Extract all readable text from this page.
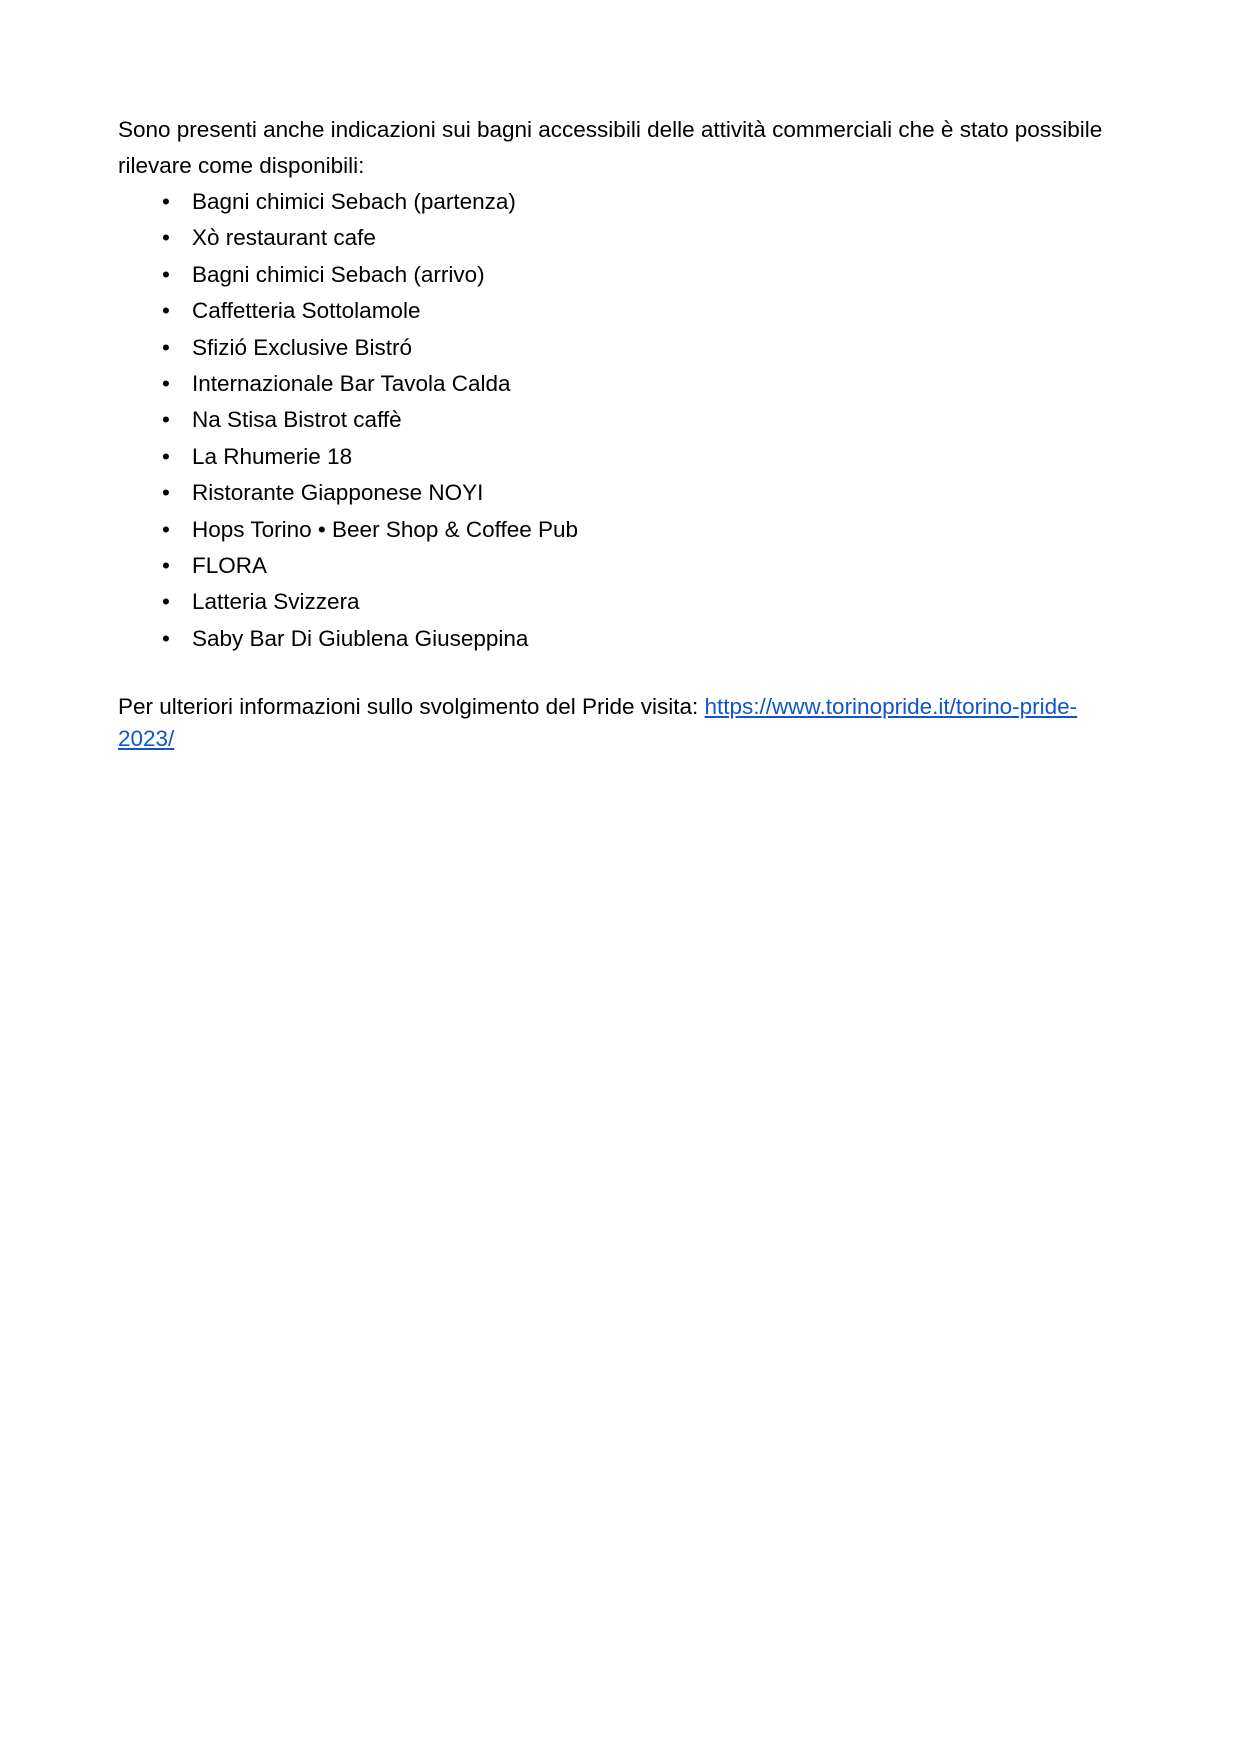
Sono presenti anche indicazioni sui bagni accessibili delle attività commerciali che è stato possibile rilevare come disponibili:

• Bagni chimici Sebach (partenza)
• Xò restaurant cafe
• Bagni chimici Sebach (arrivo)
• Caffetteria Sottolamole
• Sfizió Exclusive Bistró
• Internazionale Bar Tavola Calda
• Na Stisa Bistrot caffè
• La Rhumerie 18
• Ristorante Giapponese NOYI
• Hops Torino • Beer Shop & Coffee Pub
• FLORA
• Latteria Svizzera
• Saby Bar Di Giublena Giuseppina

Per ulteriori informazioni sullo svolgimento del Pride visita: https://www.torinopride.it/torino-pride-2023/
